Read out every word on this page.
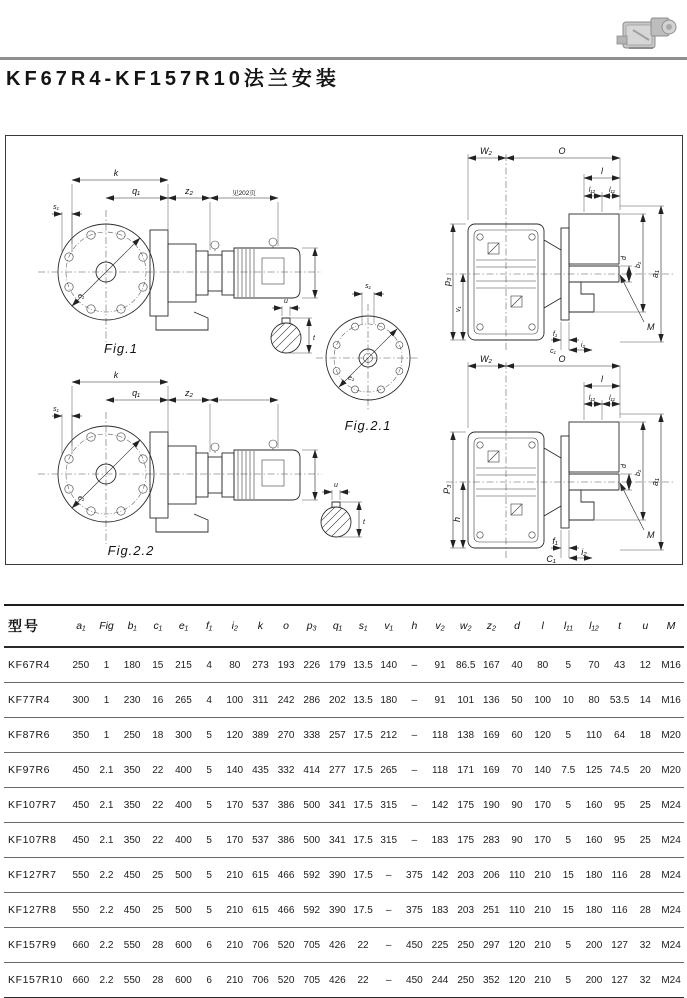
KF67R4-KF157R10法兰安装
e₁
k
s₁
q₁	z₂	见202页
Fig.1
u
t
e₁
s₁
Fig.2.1
e₁
k
s₁
q₁	z₂
Fig.2.2
u
t
M
W₂	O
l
l₁₂ l₁₁
d
b₁
a₁
p₃
v₁
f₁
c₁
i₂
M
W₂	O
l
l₁₂ l₁₁
d
b₁
a₁
P₃
h
f₁
C₁
i₂
型号	a₁	Fig	b₁	c₁	e₁	f₁	i₂	k	o	p₃	q₁	s₁	v₁	h	v₂	w₂	z₂	d	l	l₁₁	l₁₂	t	u	M
KF67R4	250	1	180	15	215	4	80	273	193	226	179	13.5	140	–	91	86.5	167	40	80	5	70	43	12	M16
KF77R4	300	1	230	16	265	4	100	311	242	286	202	13.5	180	–	91	101	136	50	100	10	80	53.5	14	M16
KF87R6	350	1	250	18	300	5	120	389	270	338	257	17.5	212	–	118	138	169	60	120	5	110	64	18	M20
KF97R6	450	2.1	350	22	400	5	140	435	332	414	277	17.5	265	–	118	171	169	70	140	7.5	125	74.5	20	M20
KF107R7	450	2.1	350	22	400	5	170	537	386	500	341	17.5	315	–	142	175	190	90	170	5	160	95	25	M24
KF107R8	450	2.1	350	22	400	5	170	537	386	500	341	17.5	315	–	183	175	283	90	170	5	160	95	25	M24
KF127R7	550	2.2	450	25	500	5	210	615	466	592	390	17.5	–	375	142	203	206	110	210	15	180	116	28	M24
KF127R8	550	2.2	450	25	500	5	210	615	466	592	390	17.5	–	375	183	203	251	110	210	15	180	116	28	M24
KF157R9	660	2.2	550	28	600	6	210	706	520	705	426	22	–	450	225	250	297	120	210	5	200	127	32	M24
KF157R10	660	2.2	550	28	600	6	210	706	520	705	426	22	–	450	244	250	352	120	210	5	200	127	32	M24
